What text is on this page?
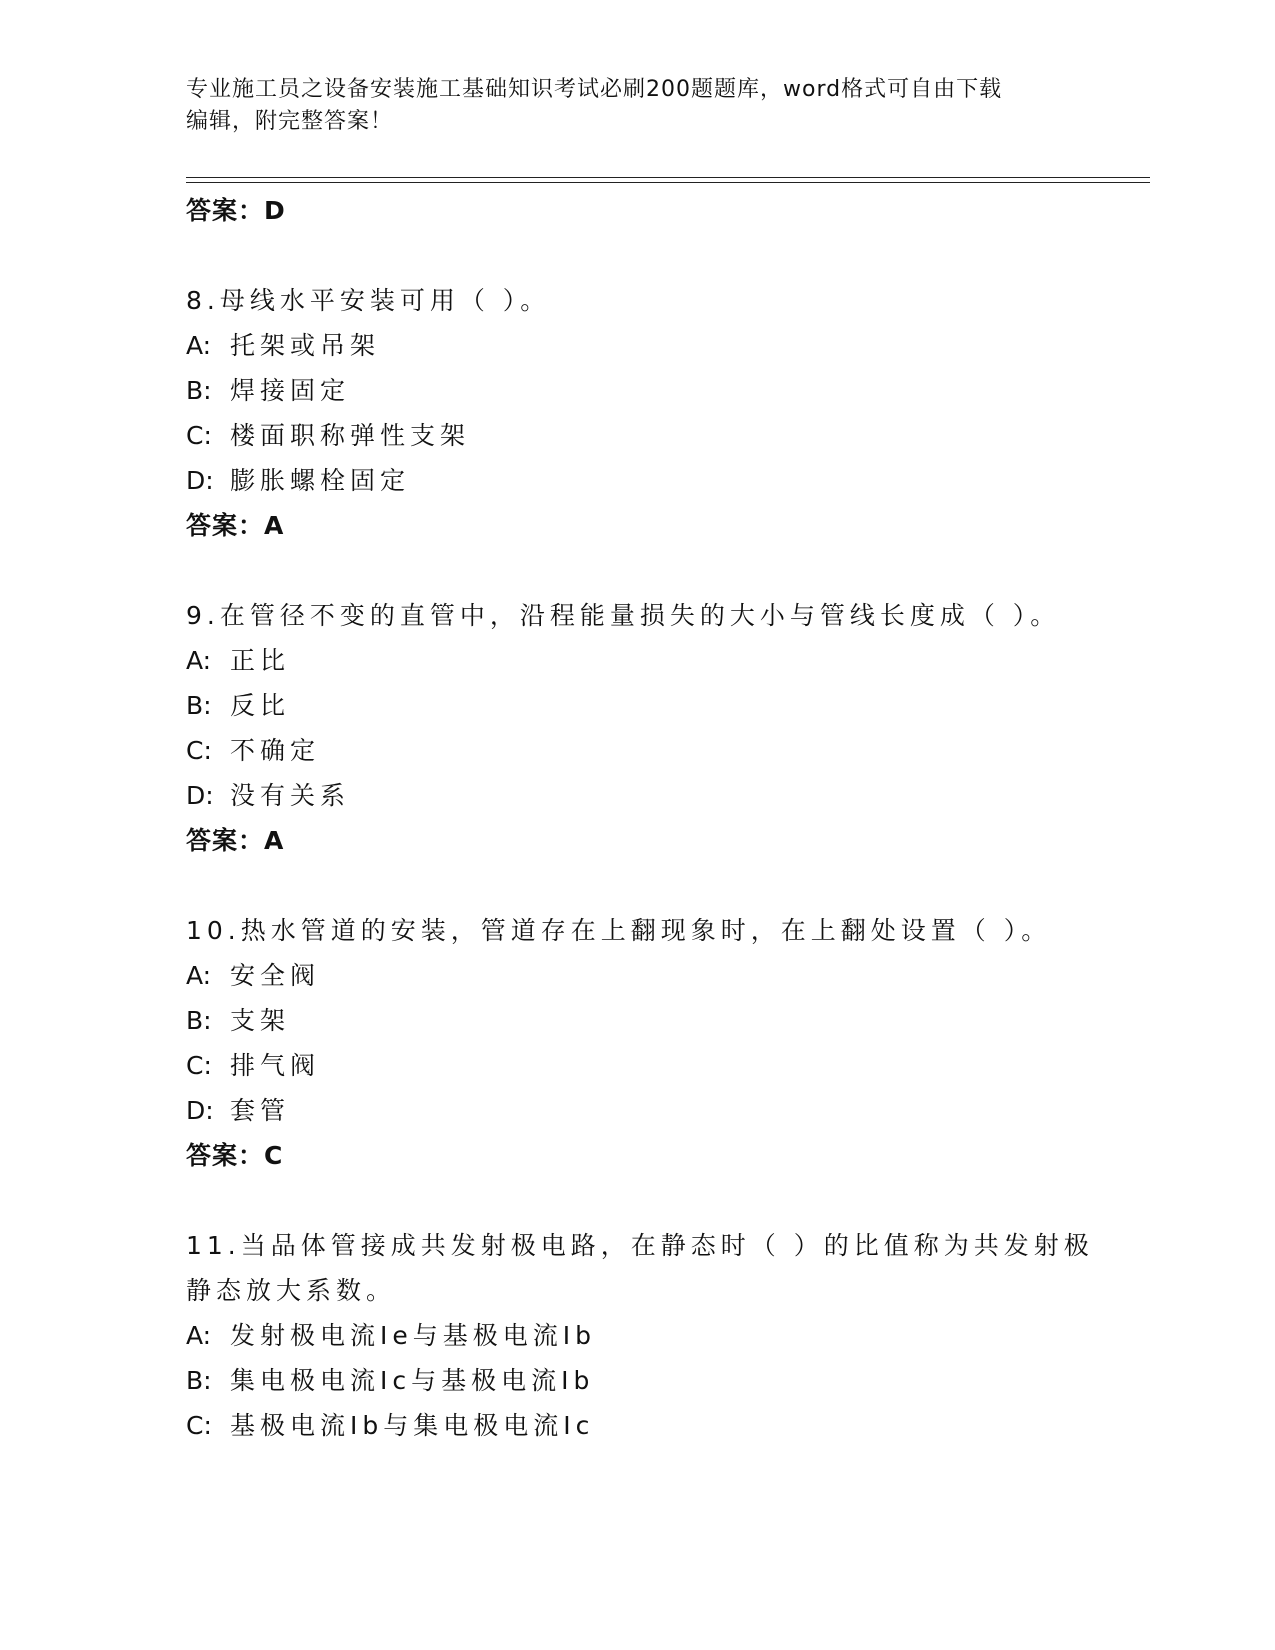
专业施工员之设备安装施工基础知识考试必刷200题题库，word格式可自由下载
编辑，附完整答案！
答案：D
8.母线水平安装可用（ ）。
A: 托架或吊架
B: 焊接固定
C: 楼面职称弹性支架
D: 膨胀螺栓固定
答案：A
9.在管径不变的直管中，沿程能量损失的大小与管线长度成（ ）。
A: 正比
B: 反比
C: 不确定
D: 没有关系
答案：A
10.热水管道的安装，管道存在上翻现象时，在上翻处设置（ ）。
A: 安全阀
B: 支架
C: 排气阀
D: 套管
答案：C
11.当品体管接成共发射极电路，在静态时（ ）的比值称为共发射极
静态放大系数。
A: 发射极电流Ie与基极电流Ib
B: 集电极电流Ic与基极电流Ib
C: 基极电流Ib与集电极电流Ic
